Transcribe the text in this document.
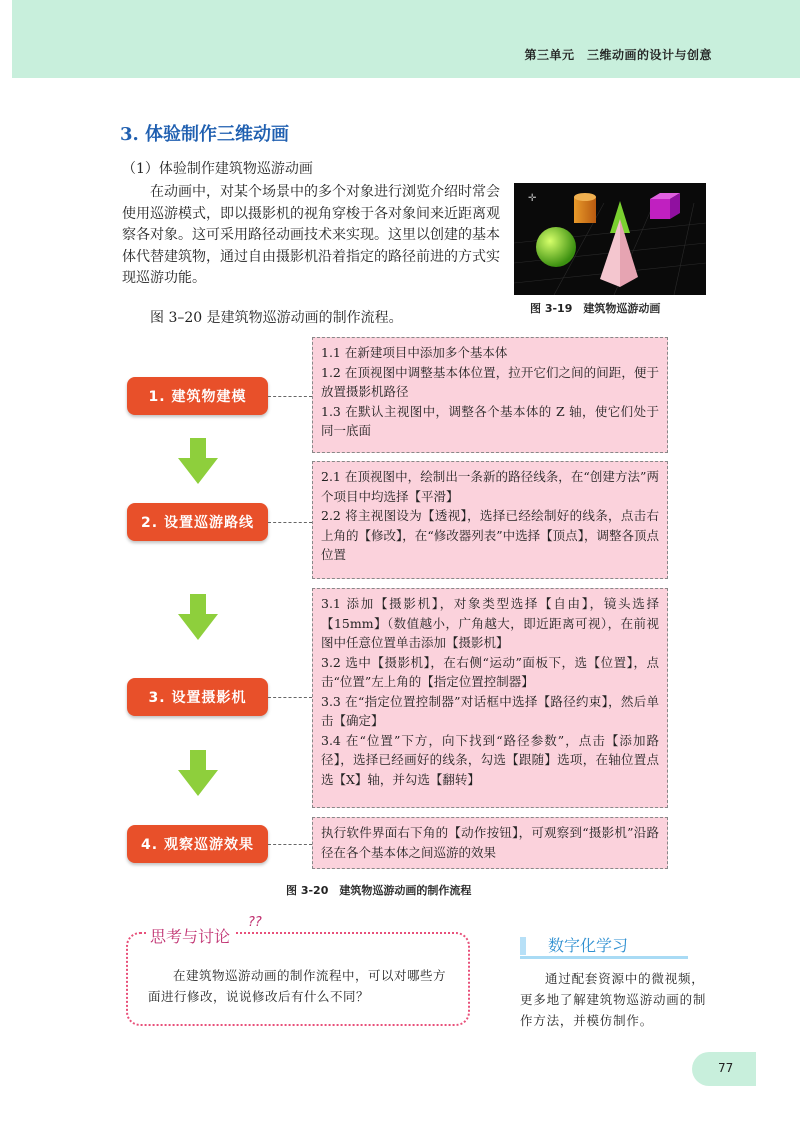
第三单元　三维动画的设计与创意
3. 体验制作三维动画
（1）体验制作建筑物巡游动画
在动画中，对某个场景中的多个对象进行浏览介绍时常会使用巡游模式，即以摄影机的视角穿梭于各对象间来近距离观察各对象。这可采用路径动画技术来实现。这里以创建的基本体代替建筑物，通过自由摄影机沿着指定的路径前进的方式实现巡游功能。
图 3–20 是建筑物巡游动画的制作流程。
✛
图 3-19　建筑物巡游动画
1. 建筑物建模
2. 设置巡游路线
3. 设置摄影机
4. 观察巡游效果

1.1 在新建项目中添加多个基本体

1.2 在顶视图中调整基本体位置，拉开它们之间的间距，便于放置摄影机路径

1.3 在默认主视图中，调整各个基本体的 Z 轴，使它们处于同一底面

2.1 在顶视图中，绘制出一条新的路径线条，在“创建方法”两个项目中均选择【平滑】

2.2 将主视图设为【透视】，选择已经绘制好的线条，点击右上角的【修改】，在“修改器列表”中选择【顶点】，调整各顶点位置

3.1 添加【摄影机】，对象类型选择【自由】，镜头选择【15mm】（数值越小，广角越大，即近距离可视），在前视图中任意位置单击添加【摄影机】

3.2 选中【摄影机】，在右侧“运动”面板下，选【位置】，点击“位置”左上角的【指定位置控制器】

3.3 在“指定位置控制器”对话框中选择【路径约束】，然后单击【确定】

3.4 在“位置”下方，向下找到“路径参数”，点击【添加路径】，选择已经画好的线条，勾选【跟随】选项，在轴位置点选【X】轴，并勾选【翻转】

执行软件界面右下角的【动作按钮】，可观察到“摄影机”沿路径在各个基本体之间巡游的效果

图 3-20　建筑物巡游动画的制作流程
思考与讨论
??
在建筑物巡游动画的制作流程中，可以对哪些方面进行修改，说说修改后有什么不同？
数字化学习
通过配套资源中的微视频，更多地了解建筑物巡游动画的制作方法，并模仿制作。
77
